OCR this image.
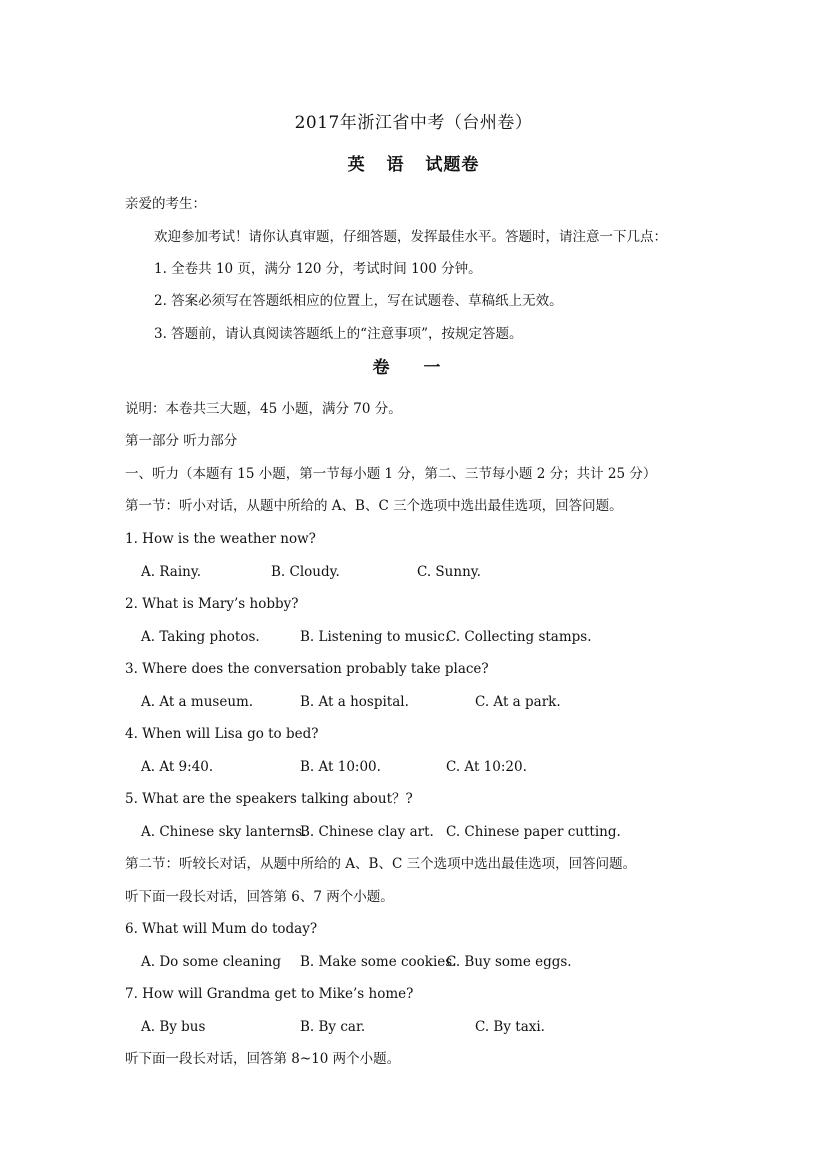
2017年浙江省中考（台州卷）
英 语 试题卷
亲爱的考生：
欢迎参加考试！请你认真审题，仔细答题，发挥最佳水平。答题时，请注意一下几点：
1. 全卷共 10 页，满分 120 分，考试时间 100 分钟。
2. 答案必须写在答题纸相应的位置上，写在试题卷、草稿纸上无效。
3. 答题前，请认真阅读答题纸上的“注意事项”，按规定答题。
卷 一
说明：本卷共三大题，45 小题，满分 70 分。
第一部分 听力部分
一、听力（本题有 15 小题，第一节每小题 1 分，第二、三节每小题 2 分；共计 25 分）
第一节：听小对话，从题中所给的 A、B、C 三个选项中选出最佳选项，回答问题。
1. How is the weather now?
A. Rainy.	B. Cloudy.	C. Sunny.
2. What is Mary’s hobby?
A. Taking photos.	B. Listening to music.
C. Collecting stamps.
3. Where does the conversation probably take place?
A. At a museum.	B. At a hospital.	C. At a park.
4. When will Lisa go to bed?
A. At 9:40.	B. At 10:00.	C. At 10:20.
5. What are the speakers talking about？?
A. Chinese sky lanterns.
B. Chinese clay art. C. Chinese paper cutting.
第二节：听较长对话，从题中所给的 A、B、C 三个选项中选出最佳选项，回答问题。
听下面一段长对话，回答第 6、7 两个小题。
6. What will Mum do today?
A. Do some cleaning B. Make some cookies.
C. Buy some eggs.
7. How will Grandma get to Mike’s home?
A. By bus	B. By car.	C. By taxi.
听下面一段长对话，回答第 8~10 两个小题。
